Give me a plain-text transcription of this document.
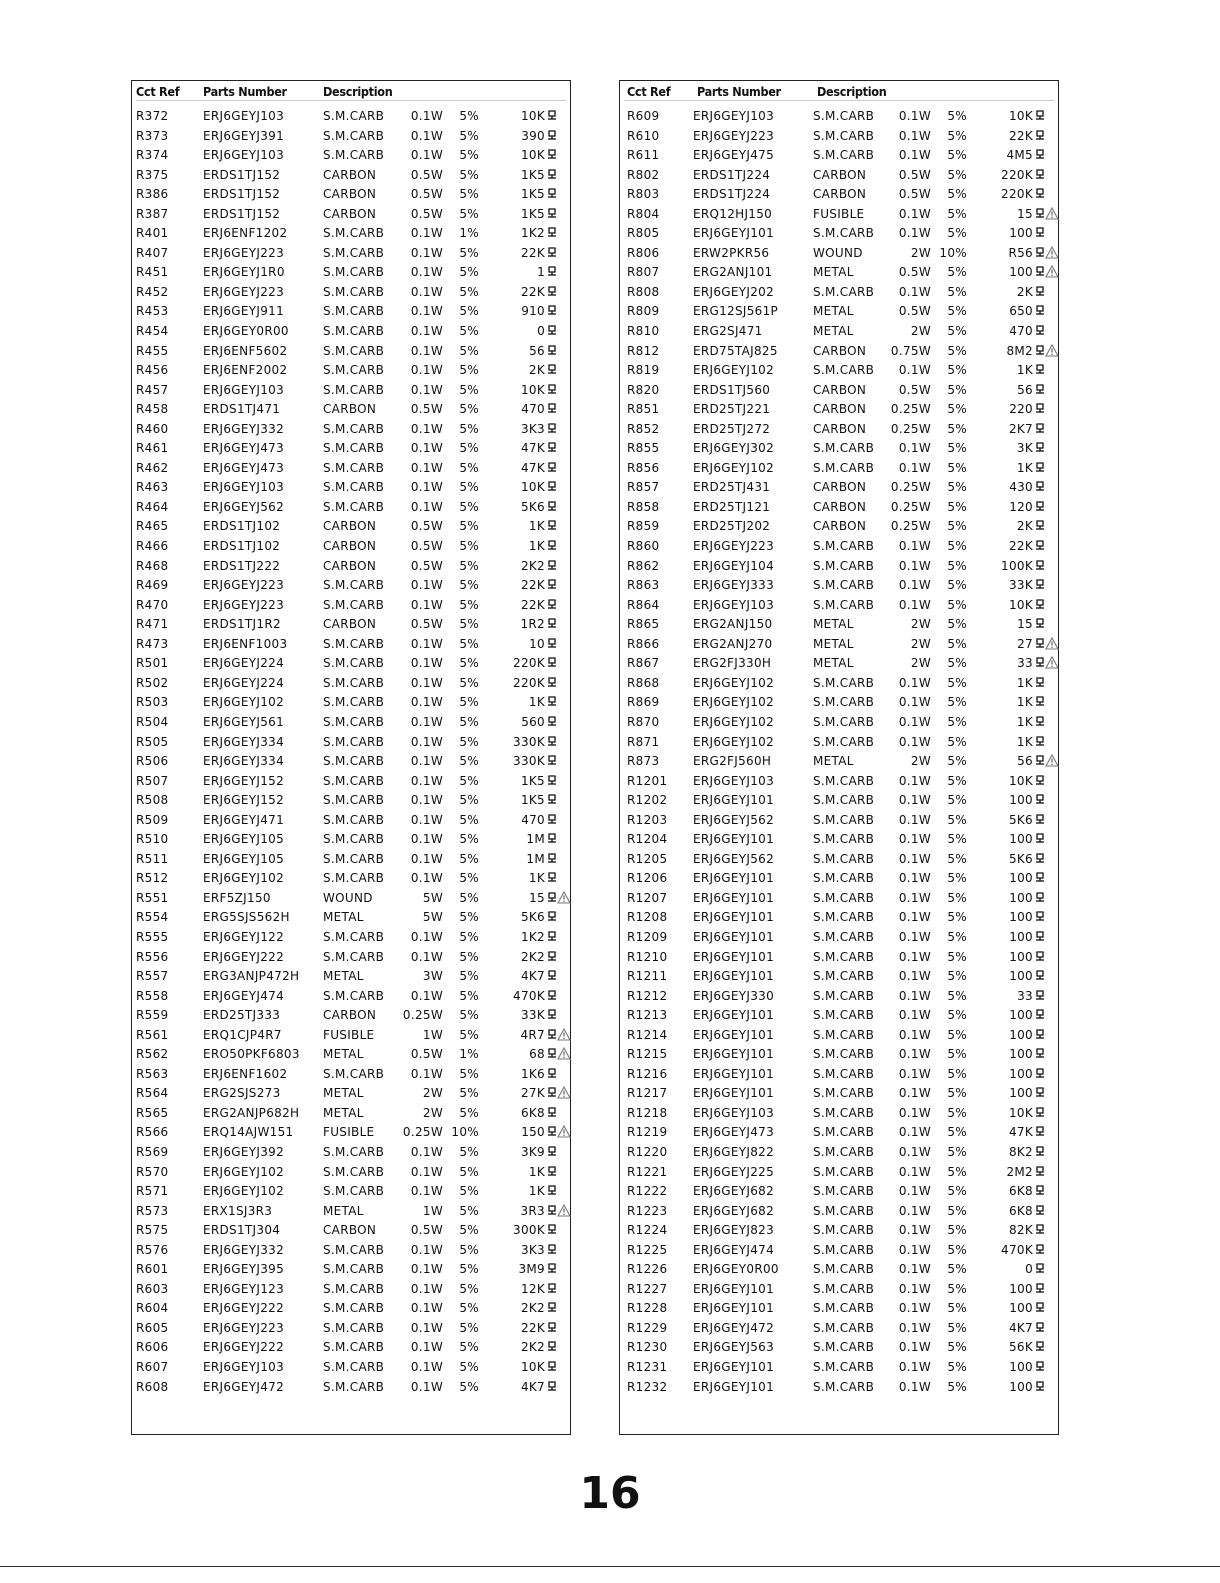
Cct Ref Parts Number	Description
R372	ERJ6GEYJ103	S.M.CARB 0.1W 5%	10K
R373	ERJ6GEYJ391	S.M.CARB 0.1W 5%	390
R374	ERJ6GEYJ103	S.M.CARB 0.1W 5%	10K
R375	ERDS1TJ152	CARBON	0.5W 5%	1K5
R386	ERDS1TJ152	CARBON	0.5W 5%	1K5
R387	ERDS1TJ152	CARBON	0.5W 5%	1K5
R401	ERJ6ENF1202	S.M.CARB 0.1W 1%	1K2
R407	ERJ6GEYJ223	S.M.CARB 0.1W 5%	22K
R451	ERJ6GEYJ1R0	S.M.CARB 0.1W 5%	1
R452	ERJ6GEYJ223	S.M.CARB 0.1W 5%	22K
R453	ERJ6GEYJ911	S.M.CARB 0.1W 5%	910
R454	ERJ6GEY0R00	S.M.CARB 0.1W 5%	0
R455	ERJ6ENF5602	S.M.CARB 0.1W 5%	56
R456	ERJ6ENF2002	S.M.CARB 0.1W 5%	2K
R457	ERJ6GEYJ103	S.M.CARB 0.1W 5%	10K
R458	ERDS1TJ471	CARBON	0.5W 5%	470
R460	ERJ6GEYJ332	S.M.CARB 0.1W 5%	3K3
R461	ERJ6GEYJ473	S.M.CARB 0.1W 5%	47K
R462	ERJ6GEYJ473	S.M.CARB 0.1W 5%	47K
R463	ERJ6GEYJ103	S.M.CARB 0.1W 5%	10K
R464	ERJ6GEYJ562	S.M.CARB 0.1W 5%	5K6
R465	ERDS1TJ102	CARBON	0.5W 5%	1K
R466	ERDS1TJ102	CARBON	0.5W 5%	1K
R468	ERDS1TJ222	CARBON	0.5W 5%	2K2
R469	ERJ6GEYJ223	S.M.CARB 0.1W 5%	22K
R470	ERJ6GEYJ223	S.M.CARB 0.1W 5%	22K
R471	ERDS1TJ1R2	CARBON	0.5W 5%	1R2
R473	ERJ6ENF1003	S.M.CARB 0.1W 5%	10
R501	ERJ6GEYJ224	S.M.CARB 0.1W 5%	220K
R502	ERJ6GEYJ224	S.M.CARB 0.1W 5%	220K
R503	ERJ6GEYJ102	S.M.CARB 0.1W 5%	1K
R504	ERJ6GEYJ561	S.M.CARB 0.1W 5%	560
R505	ERJ6GEYJ334	S.M.CARB 0.1W 5%	330K
R506	ERJ6GEYJ334	S.M.CARB 0.1W 5%	330K
R507	ERJ6GEYJ152	S.M.CARB 0.1W 5%	1K5
R508	ERJ6GEYJ152	S.M.CARB 0.1W 5%	1K5
R509	ERJ6GEYJ471	S.M.CARB 0.1W 5%	470
R510	ERJ6GEYJ105	S.M.CARB 0.1W 5%	1M
R511	ERJ6GEYJ105	S.M.CARB 0.1W 5%	1M
R512	ERJ6GEYJ102	S.M.CARB 0.1W 5%	1K
R551	ERF5ZJ150	WOUND	5W 5%	15
R554	ERG5SJS562H	METAL	5W 5%	5K6
R555	ERJ6GEYJ122	S.M.CARB 0.1W 5%	1K2
R556	ERJ6GEYJ222	S.M.CARB 0.1W 5%	2K2
R557	ERG3ANJP472H METAL	3W 5%	4K7
R558	ERJ6GEYJ474	S.M.CARB 0.1W 5%	470K
R559	ERD25TJ333	CARBON 0.25W 5%	33K
R561	ERQ1CJP4R7	FUSIBLE	1W 5%	4R7
R562	ERO50PKF6803 METAL	0.5W 1%	68
R563	ERJ6ENF1602	S.M.CARB 0.1W 5%	1K6
R564	ERG2SJS273	METAL	2W 5%	27K
R565	ERG2ANJP682H METAL	2W 5%	6K8
R566	ERQ14AJW151 FUSIBLE 0.25W 10%	150
R569	ERJ6GEYJ392	S.M.CARB 0.1W 5%	3K9
R570	ERJ6GEYJ102	S.M.CARB 0.1W 5%	1K
R571	ERJ6GEYJ102	S.M.CARB 0.1W 5%	1K
R573	ERX1SJ3R3	METAL	1W 5%	3R3
R575	ERDS1TJ304	CARBON	0.5W 5%	300K
R576	ERJ6GEYJ332	S.M.CARB 0.1W 5%	3K3
R601	ERJ6GEYJ395	S.M.CARB 0.1W 5%	3M9
R603	ERJ6GEYJ123	S.M.CARB 0.1W 5%	12K
R604	ERJ6GEYJ222	S.M.CARB 0.1W 5%	2K2
R605	ERJ6GEYJ223	S.M.CARB 0.1W 5%	22K
R606	ERJ6GEYJ222	S.M.CARB 0.1W 5%	2K2
R607	ERJ6GEYJ103	S.M.CARB 0.1W 5%	10K
R608	ERJ6GEYJ472	S.M.CARB 0.1W 5%	4K7
Cct Ref Parts Number	Description
R609	ERJ6GEYJ103	S.M.CARB 0.1W 5%	10K
R610	ERJ6GEYJ223	S.M.CARB 0.1W 5%	22K
R611	ERJ6GEYJ475	S.M.CARB 0.1W 5%	4M5
R802	ERDS1TJ224	CARBON	0.5W 5%	220K
R803	ERDS1TJ224	CARBON	0.5W 5%	220K
R804	ERQ12HJ150	FUSIBLE	0.1W 5%	15
R805	ERJ6GEYJ101	S.M.CARB 0.1W 5%	100
R806	ERW2PKR56	WOUND	2W 10%	R56
R807	ERG2ANJ101	METAL	0.5W 5%	100
R808	ERJ6GEYJ202	S.M.CARB 0.1W 5%	2K
R809	ERG12SJ561P	METAL	0.5W 5%	650
R810	ERG2SJ471	METAL	2W 5%	470
R812	ERD75TAJ825	CARBON 0.75W 5%	8M2
R819	ERJ6GEYJ102	S.M.CARB 0.1W 5%	1K
R820	ERDS1TJ560	CARBON	0.5W 5%	56
R851	ERD25TJ221	CARBON 0.25W 5%	220
R852	ERD25TJ272	CARBON 0.25W 5%	2K7
R855	ERJ6GEYJ302	S.M.CARB 0.1W 5%	3K
R856	ERJ6GEYJ102	S.M.CARB 0.1W 5%	1K
R857	ERD25TJ431	CARBON 0.25W 5%	430
R858	ERD25TJ121	CARBON 0.25W 5%	120
R859	ERD25TJ202	CARBON 0.25W 5%	2K
R860	ERJ6GEYJ223	S.M.CARB 0.1W 5%	22K
R862	ERJ6GEYJ104	S.M.CARB 0.1W 5%	100K
R863	ERJ6GEYJ333	S.M.CARB 0.1W 5%	33K
R864	ERJ6GEYJ103	S.M.CARB 0.1W 5%	10K
R865	ERG2ANJ150	METAL	2W 5%	15
R866	ERG2ANJ270	METAL	2W 5%	27
R867	ERG2FJ330H	METAL	2W 5%	33
R868	ERJ6GEYJ102	S.M.CARB 0.1W 5%	1K
R869	ERJ6GEYJ102	S.M.CARB 0.1W 5%	1K
R870	ERJ6GEYJ102	S.M.CARB 0.1W 5%	1K
R871	ERJ6GEYJ102	S.M.CARB 0.1W 5%	1K
R873	ERG2FJ560H	METAL	2W 5%	56
R1201 ERJ6GEYJ103	S.M.CARB 0.1W 5%	10K
R1202 ERJ6GEYJ101	S.M.CARB 0.1W 5%	100
R1203 ERJ6GEYJ562	S.M.CARB 0.1W 5%	5K6
R1204 ERJ6GEYJ101	S.M.CARB 0.1W 5%	100
R1205 ERJ6GEYJ562	S.M.CARB 0.1W 5%	5K6
R1206 ERJ6GEYJ101	S.M.CARB 0.1W 5%	100
R1207 ERJ6GEYJ101	S.M.CARB 0.1W 5%	100
R1208 ERJ6GEYJ101	S.M.CARB 0.1W 5%	100
R1209 ERJ6GEYJ101	S.M.CARB 0.1W 5%	100
R1210 ERJ6GEYJ101	S.M.CARB 0.1W 5%	100
R1211 ERJ6GEYJ101	S.M.CARB 0.1W 5%	100
R1212 ERJ6GEYJ330	S.M.CARB 0.1W 5%	33
R1213 ERJ6GEYJ101	S.M.CARB 0.1W 5%	100
R1214 ERJ6GEYJ101	S.M.CARB 0.1W 5%	100
R1215 ERJ6GEYJ101	S.M.CARB 0.1W 5%	100
R1216 ERJ6GEYJ101	S.M.CARB 0.1W 5%	100
R1217 ERJ6GEYJ101	S.M.CARB 0.1W 5%	100
R1218 ERJ6GEYJ103	S.M.CARB 0.1W 5%	10K
R1219 ERJ6GEYJ473	S.M.CARB 0.1W 5%	47K
R1220 ERJ6GEYJ822	S.M.CARB 0.1W 5%	8K2
R1221 ERJ6GEYJ225	S.M.CARB 0.1W 5%	2M2
R1222 ERJ6GEYJ682	S.M.CARB 0.1W 5%	6K8
R1223 ERJ6GEYJ682	S.M.CARB 0.1W 5%	6K8
R1224 ERJ6GEYJ823	S.M.CARB 0.1W 5%	82K
R1225 ERJ6GEYJ474	S.M.CARB 0.1W 5%	470K
R1226 ERJ6GEY0R00	S.M.CARB 0.1W 5%	0
R1227 ERJ6GEYJ101	S.M.CARB 0.1W 5%	100
R1228 ERJ6GEYJ101	S.M.CARB 0.1W 5%	100
R1229 ERJ6GEYJ472	S.M.CARB 0.1W 5%	4K7
R1230 ERJ6GEYJ563	S.M.CARB 0.1W 5%	56K
R1231 ERJ6GEYJ101	S.M.CARB 0.1W 5%	100
R1232 ERJ6GEYJ101	S.M.CARB 0.1W 5%	100
16
